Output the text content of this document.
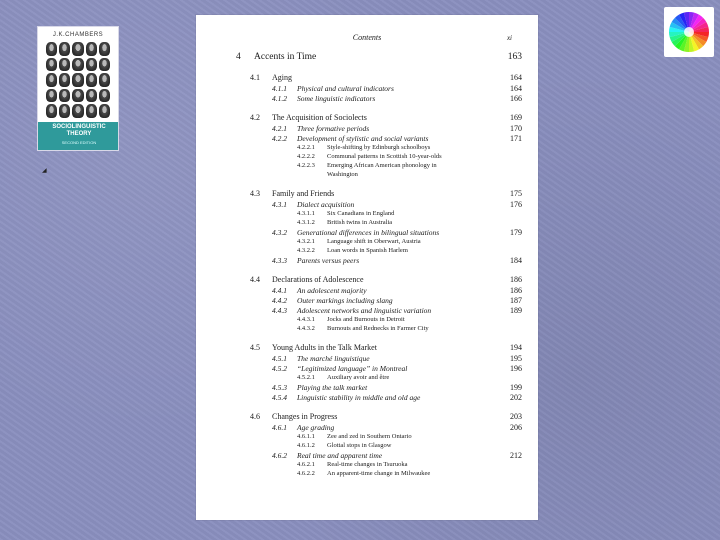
J.K.CHAMBERS
SOCIOLINGUISTIC THEORY
SECOND EDITION
◢
Contents	xi
4 Accents in Time	163
4.1 Aging	164
4.1.1 Physical and cultural indicators	164
4.1.2 Some linguistic indicators	166
4.2 The Acquisition of Sociolects	169
4.2.1 Three formative periods	170
4.2.2 Development of stylistic and social variants	171
4.2.2.1 Style-shifting by Edinburgh schoolboys
4.2.2.2 Communal patterns in Scottish 10-year-olds
4.2.2.3 Emerging African American phonology in
Washington
4.3 Family and Friends	175
4.3.1 Dialect acquisition	176
4.3.1.1 Six Canadians in England
4.3.1.2 British twins in Australia
4.3.2 Generational differences in bilingual situations	179
4.3.2.1 Language shift in Oberwart, Austria
4.3.2.2 Loan words in Spanish Harlem
4.3.3 Parents versus peers	184
4.4 Declarations of Adolescence	186
4.4.1 An adolescent majority	186
4.4.2 Outer markings including slang	187
4.4.3 Adolescent networks and linguistic variation	189
4.4.3.1 Jocks and Burnouts in Detroit
4.4.3.2 Burnouts and Rednecks in Farmer City
4.5 Young Adults in the Talk Market	194
4.5.1 The marché linguistique	195
4.5.2 “Legitimized language” in Montreal	196
4.5.2.1 Auxiliary avoir and être
4.5.3 Playing the talk market	199
4.5.4 Linguistic stability in middle and old age	202
4.6 Changes in Progress	203
4.6.1 Age grading	206
4.6.1.1 Zee and zed in Southern Ontario
4.6.1.2 Glottal stops in Glasgow
4.6.2 Real time and apparent time	212
4.6.2.1 Real-time changes in Tsuruoka
4.6.2.2 An apparent-time change in Milwaukee
